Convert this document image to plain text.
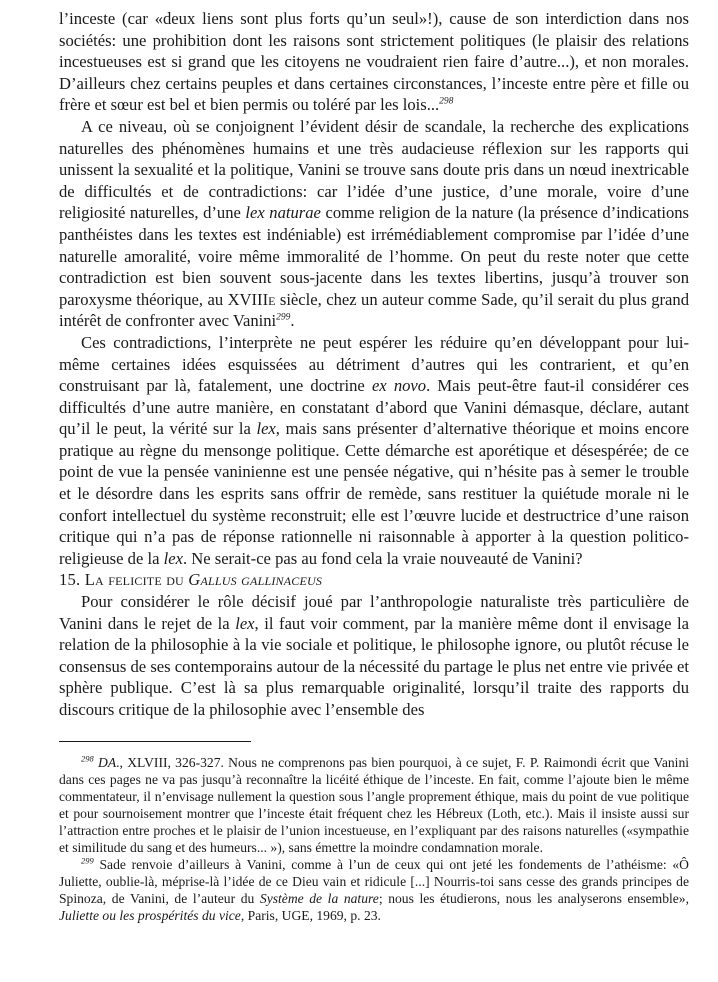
l’inceste (car «deux liens sont plus forts qu’un seul»!), cause de son interdiction dans nos sociétés: une prohibition dont les raisons sont strictement politiques (le plaisir des relations incestueuses est si grand que les citoyens ne voudraient rien faire d’autre...), et non morales. D’ailleurs chez certains peuples et dans certaines circonstances, l’inceste entre père et fille ou frère et sœur est bel et bien permis ou toléré par les lois...$^{298}$

A ce niveau, où se conjoignent l’évident désir de scandale, la recherche des explications naturelles des phénomènes humains et une très audacieuse réflexion sur les rapports qui unissent la sexualité et la politique, Vanini se trouve sans doute pris dans un nœud inextricable de difficultés et de contradictions: car l’idée d’une justice, d’une morale, voire d’une religiosité naturelles, d’une lex naturae comme religion de la nature (la présence d’indications panthéistes dans les textes est indéniable) est irrémédiablement compromise par l’idée d’une naturelle amoralité, voire même immoralité de l’homme. On peut du reste noter que cette contradiction est bien souvent sous-jacente dans les textes libertins, jusqu’à trouver son paroxysme théorique, au XVIIIe siècle, chez un auteur comme Sade, qu’il serait du plus grand intérêt de confronter avec Vanini$^{299}$.

Ces contradictions, l’interprète ne peut espérer les réduire qu’en développant pour lui-même certaines idées esquissées au détriment d’autres qui les contrarient, et qu’en construisant par là, fatalement, une doctrine ex novo. Mais peut-être faut-il considérer ces difficultés d’une autre manière, en constatant d’abord que Vanini démasque, déclare, autant qu’il le peut, la vérité sur la lex, mais sans présenter d’alternative théorique et moins encore pratique au règne du mensonge politique. Cette démarche est aporétique et désespérée; de ce point de vue la pensée vaninienne est une pensée négative, qui n’hésite pas à semer le trouble et le désordre dans les esprits sans offrir de remède, sans restituer la quiétude morale ni le confort intellectuel du système reconstruit; elle est l’œuvre lucide et destructrice d’une raison critique qui n’a pas de réponse rationnelle ni raisonnable à apporter à la question politico-religieuse de la lex. Ne serait-ce pas au fond cela la vraie nouveauté de Vanini?

15. La felicite du Gallus gallinaceus

Pour considérer le rôle décisif joué par l’anthropologie naturaliste très particulière de Vanini dans le rejet de la lex, il faut voir comment, par la manière même dont il envisage la relation de la philosophie à la vie sociale et politique, le philosophe ignore, ou plutôt récuse le consensus de ses contemporains autour de la nécessité du partage le plus net entre vie privée et sphère publique. C’est là sa plus remarquable originalité, lorsqu’il traite des rapports du discours critique de la philosophie avec l’ensemble des

$^{298}$ DA., XLVIII, 326-327. Nous ne comprenons pas bien pourquoi, à ce sujet, F. P. Raimondi écrit que Vanini dans ces pages ne va pas jusqu’à reconnaître la licéité éthique de l’inceste. En fait, comme l’ajoute bien le même commentateur, il n’envisage nullement la question sous l’angle proprement éthique, mais du point de vue politique et pour sournoisement montrer que l’inceste était fréquent chez les Hébreux (Loth, etc.). Mais il insiste aussi sur l’attraction entre proches et le plaisir de l’union incestueuse, en l’expliquant par des raisons naturelles («sympathie et similitude du sang et des humeurs... »), sans émettre la moindre condamnation morale.

$^{299}$ Sade renvoie d’ailleurs à Vanini, comme à l’un de ceux qui ont jeté les fondements de l’athéisme: «Ô Juliette, oublie-là, méprise-là l’idée de ce Dieu vain et ridicule [...] Nourris-toi sans cesse des grands principes de Spinoza, de Vanini, de l’auteur du Système de la nature; nous les étudierons, nous les analyserons ensemble», Juliette ou les prospérités du vice, Paris, UGE, 1969, p. 23.
